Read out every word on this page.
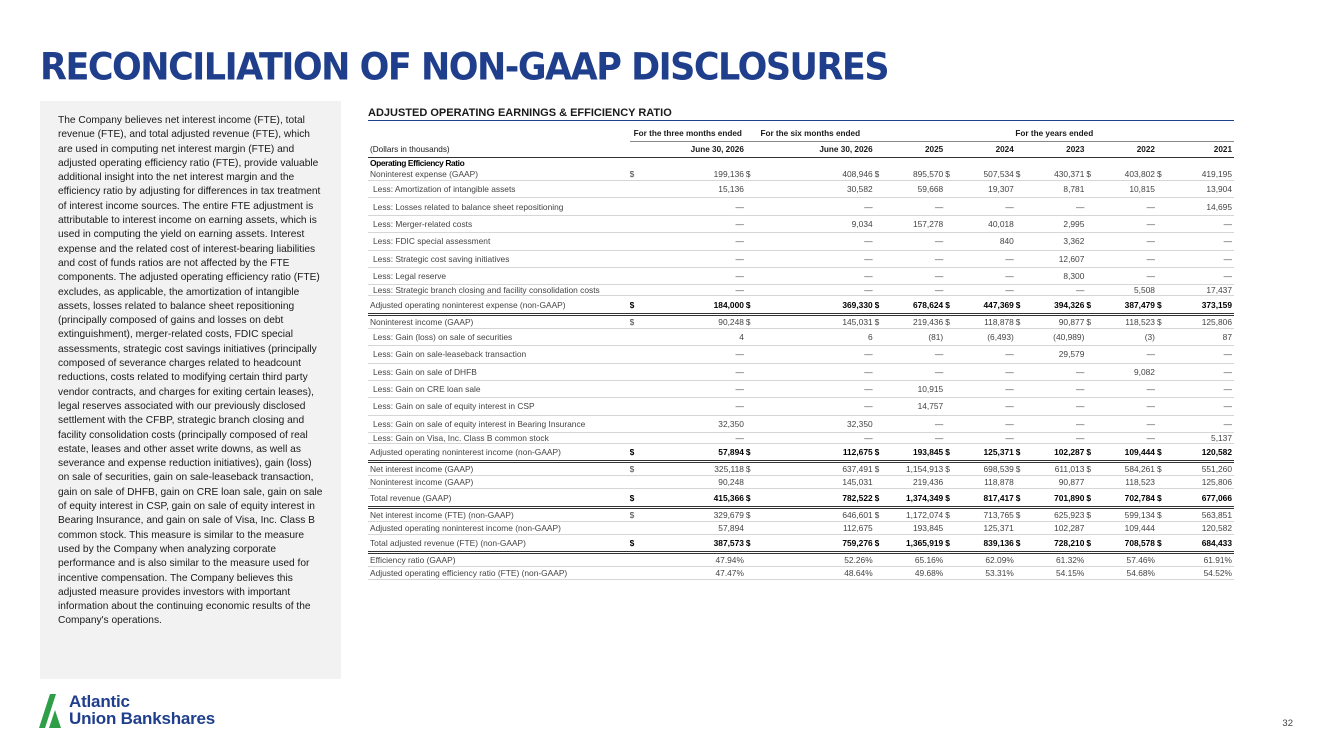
RECONCILIATION OF NON-GAAP DISCLOSURES

The Company believes net interest income (FTE), total revenue (FTE), and total adjusted revenue (FTE), which are used in computing net interest margin (FTE) and adjusted operating efficiency ratio (FTE), provide valuable additional insight into the net interest margin and the efficiency ratio by adjusting for differences in tax treatment of interest income sources. The entire FTE adjustment is attributable to interest income on earning assets, which is used in computing the yield on earning assets. Interest expense and the related cost of interest-bearing liabilities and cost of funds ratios are not affected by the FTE components. The adjusted operating efficiency ratio (FTE) excludes, as applicable, the amortization of intangible assets, losses related to balance sheet repositioning (principally composed of gains and losses on debt extinguishment), merger-related costs, FDIC special assessments, strategic cost savings initiatives (principally composed of severance charges related to headcount reductions, costs related to modifying certain third party vendor contracts, and charges for exiting certain leases), legal reserves associated with our previously disclosed settlement with the CFBP, strategic branch closing and facility consolidation costs (principally composed of real estate, leases and other asset write downs, as well as severance and expense reduction initiatives), gain (loss) on sale of securities, gain on sale-leaseback transaction, gain on sale of DHFB, gain on CRE loan sale, gain on sale of equity interest in CSP, gain on sale of equity interest in Bearing Insurance, and gain on sale of Visa, Inc. Class B common stock. This measure is similar to the measure used by the Company when analyzing corporate performance and is also similar to the measure used for incentive compensation. The Company believes this adjusted measure provides investors with important information about the continuing economic results of the Company's operations.

ADJUSTED OPERATING EARNINGS & EFFICIENCY RATIO
	For the three months ended		For the six months ended		For the years ended									
(Dollars in thousands)	June 30, 2026		June 30, 2026		2025		2024		2023		2022		2021	
Operating Efficiency Ratio														
Noninterest expense (GAAP)	$	199,136	$	408,946	$	895,570	$	507,534	$	430,371	$	403,802	$	419,195
Less: Amortization of intangible assets		15,136		30,582		59,668		19,307		8,781		10,815		13,904
Less: Losses related to balance sheet repositioning		—		—		—		—		—		—		14,695
Less: Merger-related costs		—		9,034		157,278		40,018		2,995		—		—
Less: FDIC special assessment		—		—		—		840		3,362		—		—
Less: Strategic cost saving initiatives		—		—		—		—		12,607		—		—
Less: Legal reserve		—		—		—		—		8,300		—		—
Less: Strategic branch closing and facility consolidation costs		—		—		—		—		—		5,508		17,437
Adjusted operating noninterest expense (non-GAAP)	$	184,000	$	369,330	$	678,624	$	447,369	$	394,326	$	387,479	$	373,159
Noninterest income (GAAP)	$	90,248	$	145,031	$	219,436	$	118,878	$	90,877	$	118,523	$	125,806
Less: Gain (loss) on sale of securities		4		6		(81)		(6,493)		(40,989)		(3)		87
Less: Gain on sale-leaseback transaction		—		—		—		—		29,579		—		—
Less: Gain on sale of DHFB		—		—		—		—		—		9,082		—
Less: Gain on CRE loan sale		—		—		10,915		—		—		—		—
Less: Gain on sale of equity interest in CSP		—		—		14,757		—		—		—		—
Less: Gain on sale of equity interest in Bearing Insurance		32,350		32,350		—		—		—		—		—
Less: Gain on Visa, Inc. Class B common stock		—		—		—		—		—		—		5,137
Adjusted operating noninterest income (non-GAAP)	$	57,894	$	112,675	$	193,845	$	125,371	$	102,287	$	109,444	$	120,582
Net interest income (GAAP)	$	325,118	$	637,491	$	1,154,913	$	698,539	$	611,013	$	584,261	$	551,260
Noninterest income (GAAP)		90,248		145,031		219,436		118,878		90,877		118,523		125,806
Total revenue (GAAP)	$	415,366	$	782,522	$	1,374,349	$	817,417	$	701,890	$	702,784	$	677,066
Net interest income (FTE) (non-GAAP)	$	329,679	$	646,601	$	1,172,074	$	713,765	$	625,923	$	599,134	$	563,851
Adjusted operating noninterest income (non-GAAP)		57,894		112,675		193,845		125,371		102,287		109,444		120,582
Total adjusted revenue (FTE) (non-GAAP)	$	387,573	$	759,276	$	1,365,919	$	839,136	$	728,210	$	708,578	$	684,433
Efficiency ratio (GAAP)		47.94%		52.26%		65.16%		62.09%		61.32%		57.46%		61.91%
Adjusted operating efficiency ratio (FTE) (non-GAAP)		47.47%		48.64%		49.68%		53.31%		54.15%		54.68%		54.52%
Atlantic
Union Bankshares	32
